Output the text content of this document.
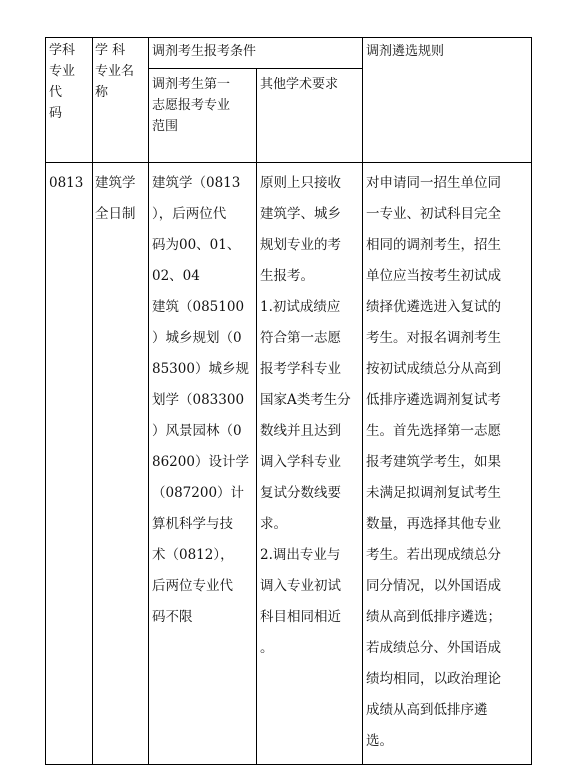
学科
专业
代
码
学 科
专业名
称
调剂考生报考条件
调剂考生第一
志愿报考专业
范围
其他学术要求
调剂遴选规则
0813 建筑学
全日制
建筑学（0813
），后两位代
码为00、01、
02、04
建筑（085100
）城乡规划（0
85300）城乡规
划学（083300
）风景园林（0
86200）设计学
（087200）计
算机科学与技
术（0812），
后两位专业代
码不限
原则上只接收
建筑学、城乡
规划专业的考
生报考。
1.初试成绩应
符合第一志愿
报考学科专业
国家A类考生分
数线并且达到
调入学科专业
复试分数线要
求。
2.调出专业与
调入专业初试
科目相同相近
。
对申请同一招生单位同
一专业、初试科目完全
相同的调剂考生，招生
单位应当按考生初试成
绩择优遴选进入复试的
考生。对报名调剂考生
按初试成绩总分从高到
低排序遴选调剂复试考
生。首先选择第一志愿
报考建筑学考生，如果
未满足拟调剂复试考生
数量，再选择其他专业
考生。若出现成绩总分
同分情况，以外国语成
绩从高到低排序遴选；
若成绩总分、外国语成
绩均相同，以政治理论
成绩从高到低排序遴
选。
